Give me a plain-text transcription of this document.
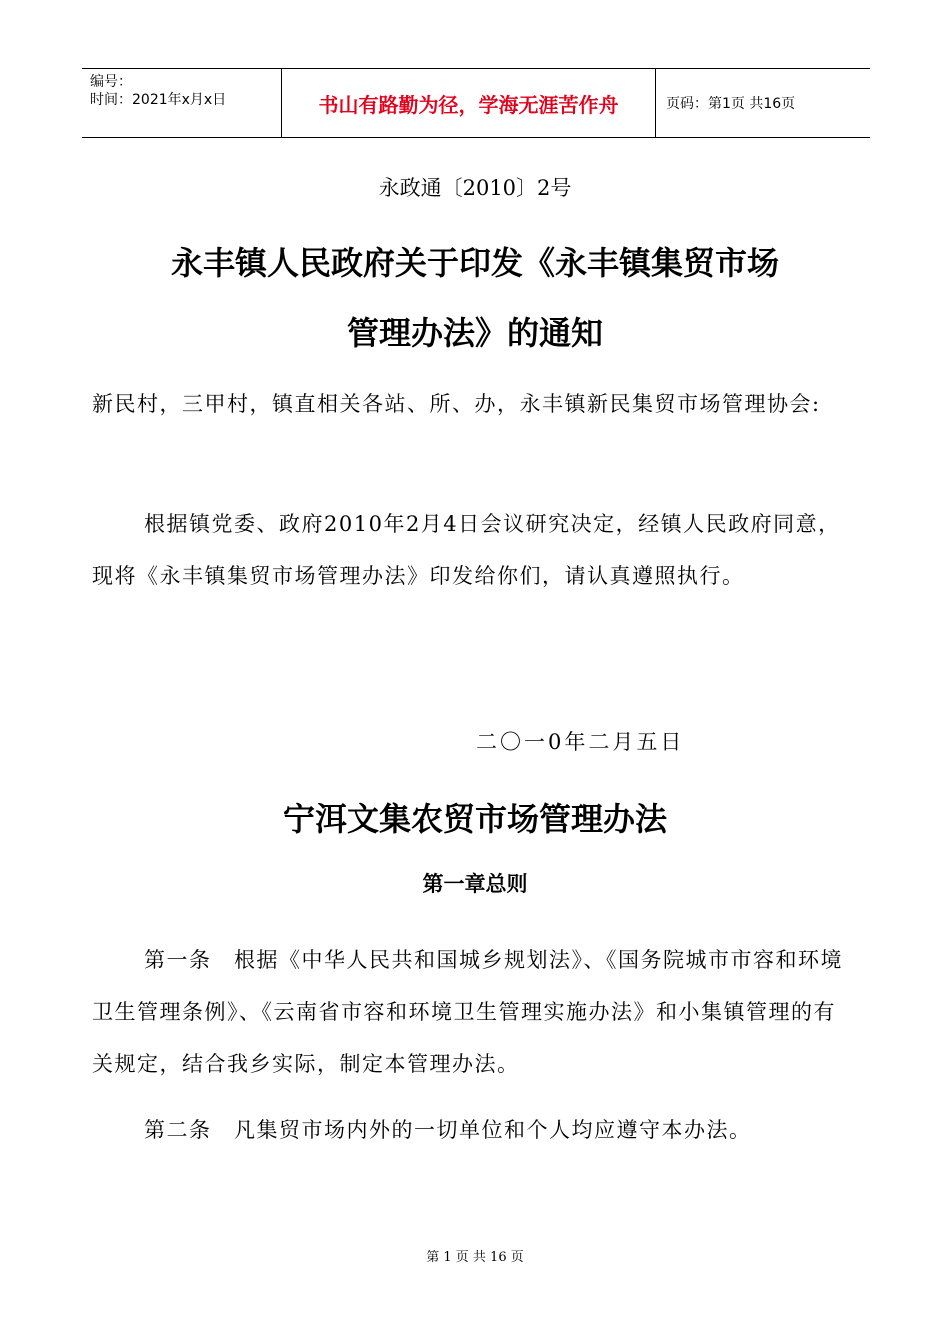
编号：
时间：2021年x月x日	书山有路勤为径，学海无涯苦作舟	页码：第1页 共16页
永政通〔2010〕2号
永丰镇人民政府关于印发《永丰镇集贸市场
管理办法》的通知

新民村，三甲村，镇直相关各站、所、办，永丰镇新民集贸市场管理协会:

根据镇党委、政府2010年2月4日会议研究决定，经镇人民政府同意，现将《永丰镇集贸市场管理办法》印发给你们，请认真遵照执行。

二〇一0年二月五日
宁洱文集农贸市场管理办法
第一章总则

第一条　根据《中华人民共和国城乡规划法》、《国务院城市市容和环境卫生管理条例》、《云南省市容和环境卫生管理实施办法》和小集镇管理的有关规定，结合我乡实际，制定本管理办法。

第二条　凡集贸市场内外的一切单位和个人均应遵守本办法。

第 1 页 共 16 页
